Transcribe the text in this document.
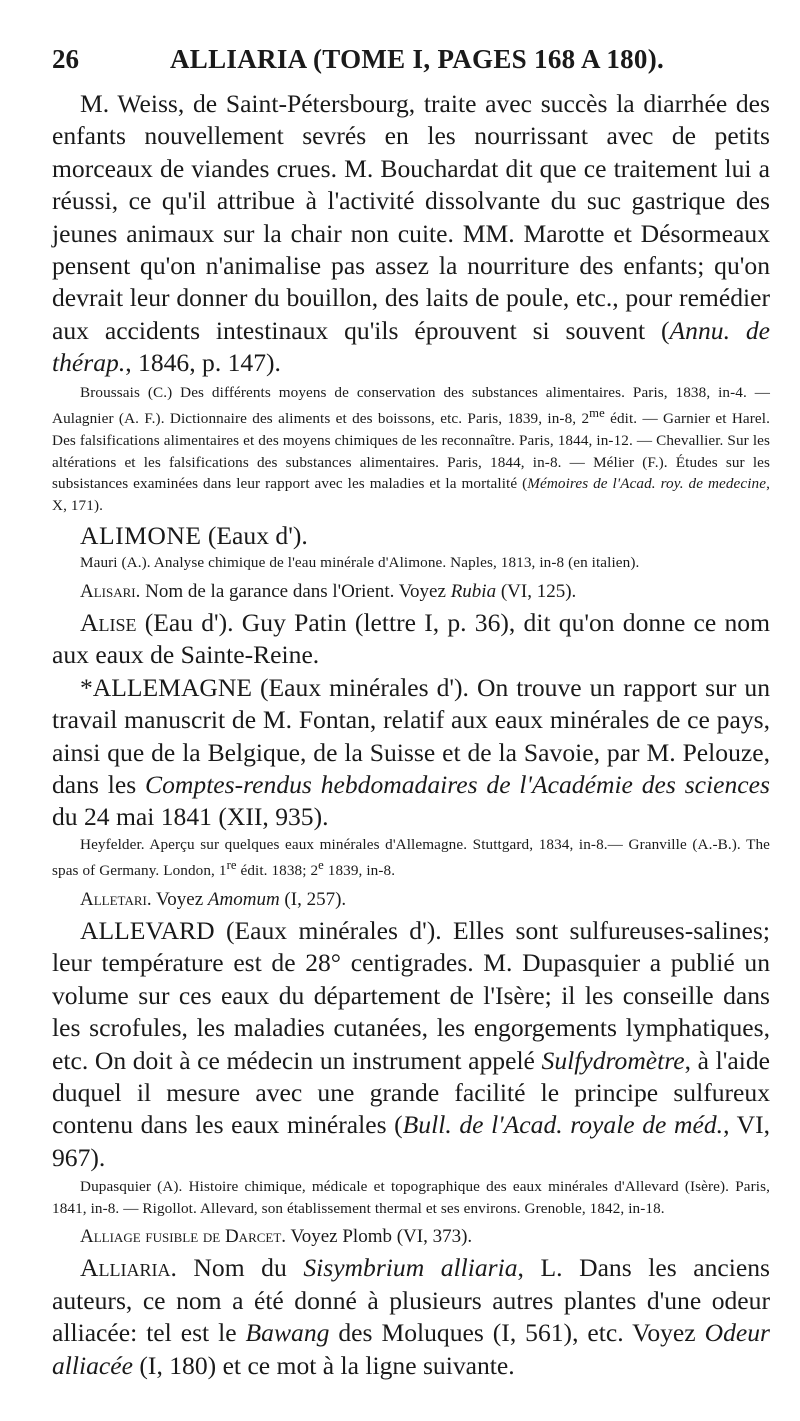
26	ALLIARIA (TOME I, PAGES 168 A 180).

M. Weiss, de Saint-Pétersbourg, traite avec succès la diarrhée des enfants nouvellement sevrés en les nourrissant avec de petits morceaux de viandes crues. M. Bouchardat dit que ce traitement lui a réussi, ce qu'il attribue à l'activité dissolvante du suc gastrique des jeunes animaux sur la chair non cuite. MM. Marotte et Désormeaux pensent qu'on n'animalise pas assez la nourriture des enfants; qu'on devrait leur donner du bouillon, des laits de poule, etc., pour remédier aux accidents intestinaux qu'ils éprouvent si souvent (Annu. de thérap., 1846, p. 147).

Broussais (C.) Des différents moyens de conservation des substances alimentaires. Paris, 1838, in-4. — Aulagnier (A. F.). Dictionnaire des aliments et des boissons, etc. Paris, 1839, in-8, $2^{me}$ édit. — Garnier et Harel. Des falsifications alimentaires et des moyens chimiques de les reconnaître. Paris, 1844, in-12. — Chevallier. Sur les altérations et les falsifications des substances alimentaires. Paris, 1844, in-8. — Mélier (F.). Études sur les subsistances examinées dans leur rapport avec les maladies et la mortalité (Mémoires de l'Acad. roy. de medecine, X, 171).

ALIMONE (Eaux d').

Mauri (A.). Analyse chimique de l'eau minérale d'Alimone. Naples, 1813, in-8 (en italien).

Alisari. Nom de la garance dans l'Orient. Voyez Rubia (VI, 125).

Alise (Eau d'). Guy Patin (lettre I, p. 36), dit qu'on donne ce nom aux eaux de Sainte-Reine.

*ALLEMAGNE (Eaux minérales d'). On trouve un rapport sur un travail manuscrit de M. Fontan, relatif aux eaux minérales de ce pays, ainsi que de la Belgique, de la Suisse et de la Savoie, par M. Pelouze, dans les Comptes-rendus hebdomadaires de l'Académie des sciences du 24 mai 1841 (XII, 935).

Heyfelder. Aperçu sur quelques eaux minérales d'Allemagne. Stuttgard, 1834, in-8.— Granville (A.-B.). The spas of Germany. London, 1re édit. 1838; 2e 1839, in-8.

Alletari. Voyez Amomum (I, 257).

ALLEVARD (Eaux minérales d'). Elles sont sulfureuses-salines; leur température est de 28° centigrades. M. Dupasquier a publié un volume sur ces eaux du département de l'Isère; il les conseille dans les scrofules, les maladies cutanées, les engorgements lymphatiques, etc. On doit à ce médecin un instrument appelé Sulfydromètre, à l'aide duquel il mesure avec une grande facilité le principe sulfureux contenu dans les eaux minérales (Bull. de l'Acad. royale de méd., VI, 967).

Dupasquier (A). Histoire chimique, médicale et topographique des eaux minérales d'Allevard (Isère). Paris, 1841, in-8. — Rigollot. Allevard, son établissement thermal et ses environs. Grenoble, 1842, in-18.

Alliage fusible de Darcet. Voyez Plomb (VI, 373).

Alliaria. Nom du Sisymbrium alliaria, L. Dans les anciens auteurs, ce nom a été donné à plusieurs autres plantes d'une odeur alliacée: tel est le Bawang des Moluques (I, 561), etc. Voyez Odeur alliacée (I, 180) et ce mot à la ligne suivante.
